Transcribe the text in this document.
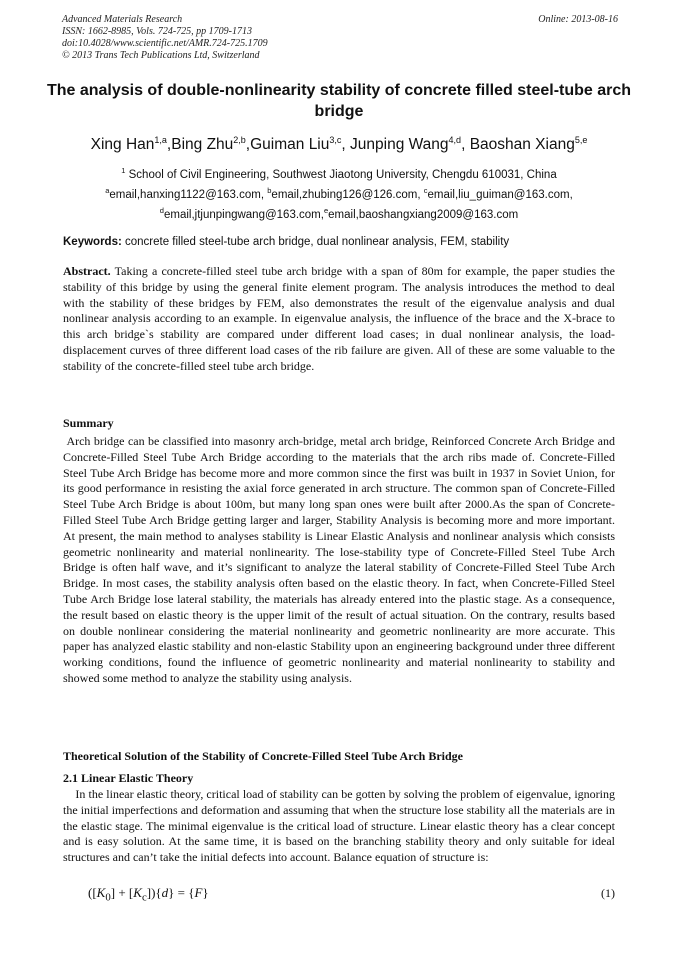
Advanced Materials Research
ISSN: 1662-8985, Vols. 724-725, pp 1709-1713
doi:10.4028/www.scientific.net/AMR.724-725.1709
© 2013 Trans Tech Publications Ltd, Switzerland
Online: 2013-08-16
The analysis of double-nonlinearity stability of concrete filled steel-tube arch bridge
Xing Han$^{1,a}$,Bing Zhu$^{2,b}$,Guiman Liu$^{3,c}$, Junping Wang$^{4,d}$, Baoshan Xiang$^{5,e}$
$^1$ School of Civil Engineering, Southwest Jiaotong University, Chengdu 610031, China
$^a$email,hanxing1122@163.com, $^b$email,zhubing126@126.com, $^c$email,liu_guiman@163.com,
$^d$email,jtjunpingwang@163.com,$^e$email,baoshangxiang2009@163.com
Keywords: concrete filled steel-tube arch bridge, dual nonlinear analysis, FEM, stability
Abstract. Taking a concrete-filled steel tube arch bridge with a span of 80m for example, the paper studies the stability of this bridge by using the general finite element program. The analysis introduces the method to deal with the stability of these bridges by FEM, also demonstrates the result of the eigenvalue analysis and dual nonlinear analysis according to an example. In eigenvalue analysis, the influence of the brace and the X-brace to this arch bridge`s stability are compared under different load cases; in dual nonlinear analysis, the load-displacement curves of three different load cases of the rib failure are given. All of these are some valuable to the stability of the concrete-filled steel tube arch bridge.
Summary
Arch bridge can be classified into masonry arch-bridge, metal arch bridge, Reinforced Concrete Arch Bridge and Concrete-Filled Steel Tube Arch Bridge according to the materials that the arch ribs made of. Concrete-Filled Steel Tube Arch Bridge has become more and more common since the first was built in 1937 in Soviet Union, for its good performance in resisting the axial force generated in arch structure. The common span of Concrete-Filled Steel Tube Arch Bridge is about 100m, but many long span ones were built after 2000.As the span of Concrete-Filled Steel Tube Arch Bridge getting larger and larger, Stability Analysis is becoming more and more important. At present, the main method to analyses stability is Linear Elastic Analysis and nonlinear analysis which consists geometric nonlinearity and material nonlinearity. The lose-stability type of Concrete-Filled Steel Tube Arch Bridge is often half wave, and it’s significant to analyze the lateral stability of Concrete-Filled Steel Tube Arch Bridge. In most cases, the stability analysis often based on the elastic theory. In fact, when Concrete-Filled Steel Tube Arch Bridge lose lateral stability, the materials has already entered into the plastic stage. As a consequence, the result based on elastic theory is the upper limit of the result of actual situation. On the contrary, results based on double nonlinear considering the material nonlinearity and geometric nonlinearity are more accurate. This paper has analyzed elastic stability and non-elastic Stability upon an engineering background under three different working conditions, found the influence of geometric nonlinearity and material nonlinearity to stability and showed some method to analyze the stability using analysis.
Theoretical Solution of the Stability of Concrete-Filled Steel Tube Arch Bridge
2.1 Linear Elastic Theory
In the linear elastic theory, critical load of stability can be gotten by solving the problem of eigenvalue, ignoring the initial imperfections and deformation and assuming that when the structure lose stability all the materials are in the elastic stage. The minimal eigenvalue is the critical load of structure. Linear elastic theory has a clear concept and is easy solution. At the same time, it is based on the branching stability theory and only suitable for ideal structures and can’t take the initial defects into account. Balance equation of structure is:
$([K_0] + [K_c])\{d\} = \{F\}$	(1)
